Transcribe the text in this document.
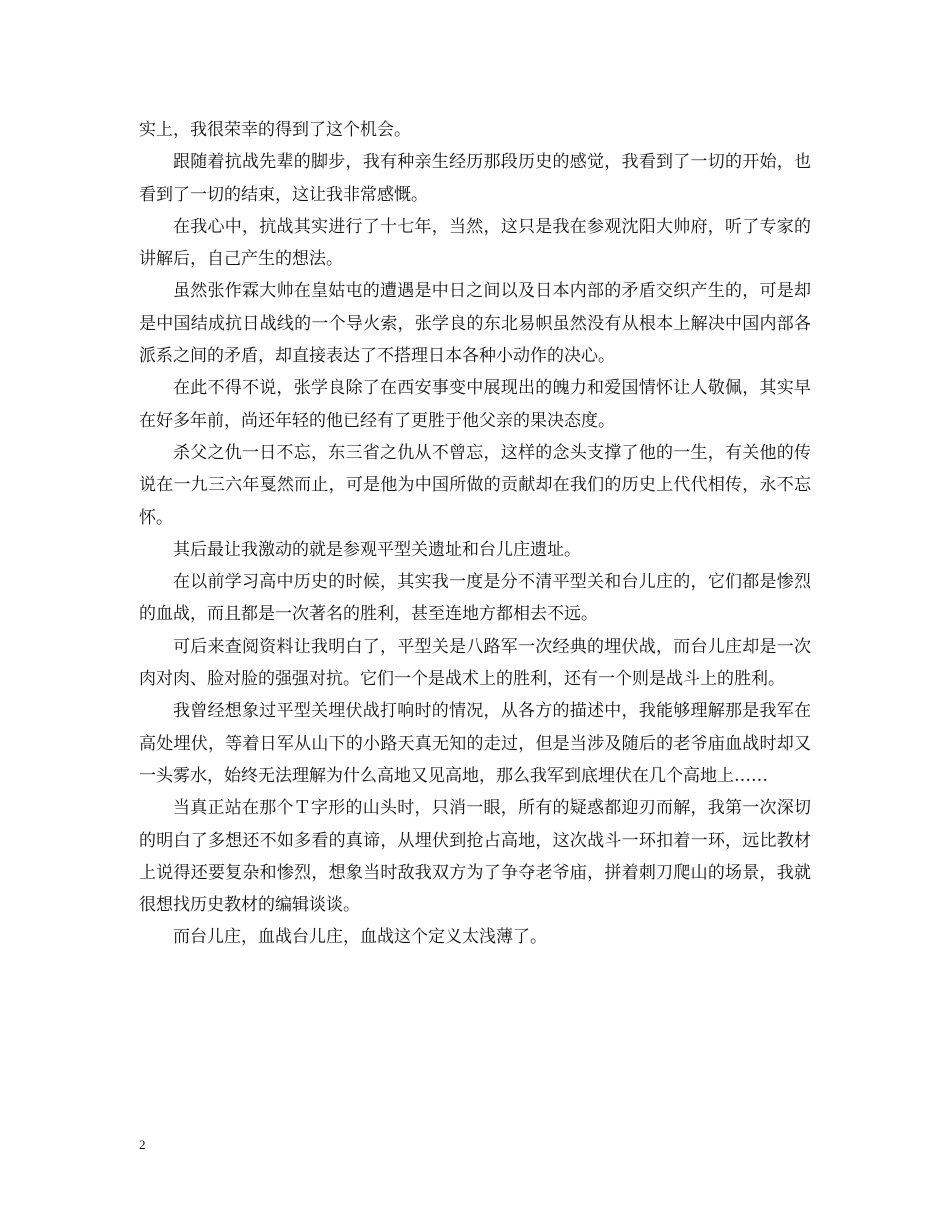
实上，我很荣幸的得到了这个机会。

跟随着抗战先辈的脚步，我有种亲生经历那段历史的感觉，我看到了一切的开始，也看到了一切的结束，这让我非常感慨。

在我心中，抗战其实进行了十七年，当然，这只是我在参观沈阳大帅府，听了专家的讲解后，自己产生的想法。

虽然张作霖大帅在皇姑屯的遭遇是中日之间以及日本内部的矛盾交织产生的，可是却是中国结成抗日战线的一个导火索，张学良的东北易帜虽然没有从根本上解决中国内部各派系之间的矛盾，却直接表达了不搭理日本各种小动作的决心。

在此不得不说，张学良除了在西安事变中展现出的魄力和爱国情怀让人敬佩，其实早在好多年前，尚还年轻的他已经有了更胜于他父亲的果决态度。

杀父之仇一日不忘，东三省之仇从不曾忘，这样的念头支撑了他的一生，有关他的传说在一九三六年戛然而止，可是他为中国所做的贡献却在我们的历史上代代相传，永不忘怀。

其后最让我激动的就是参观平型关遗址和台儿庄遗址。

在以前学习高中历史的时候，其实我一度是分不清平型关和台儿庄的，它们都是惨烈的血战，而且都是一次著名的胜利，甚至连地方都相去不远。

可后来查阅资料让我明白了，平型关是八路军一次经典的埋伏战，而台儿庄却是一次肉对肉、脸对脸的强强对抗。它们一个是战术上的胜利，还有一个则是战斗上的胜利。

我曾经想象过平型关埋伏战打响时的情况，从各方的描述中，我能够理解那是我军在高处埋伏，等着日军从山下的小路天真无知的走过，但是当涉及随后的老爷庙血战时却又一头雾水，始终无法理解为什么高地又见高地，那么我军到底埋伏在几个高地上……

当真正站在那个Ｔ字形的山头时，只消一眼，所有的疑惑都迎刃而解，我第一次深切的明白了多想还不如多看的真谛，从埋伏到抢占高地，这次战斗一环扣着一环，远比教材上说得还要复杂和惨烈，想象当时敌我双方为了争夺老爷庙，拼着刺刀爬山的场景，我就很想找历史教材的编辑谈谈。

而台儿庄，血战台儿庄，血战这个定义太浅薄了。

2
